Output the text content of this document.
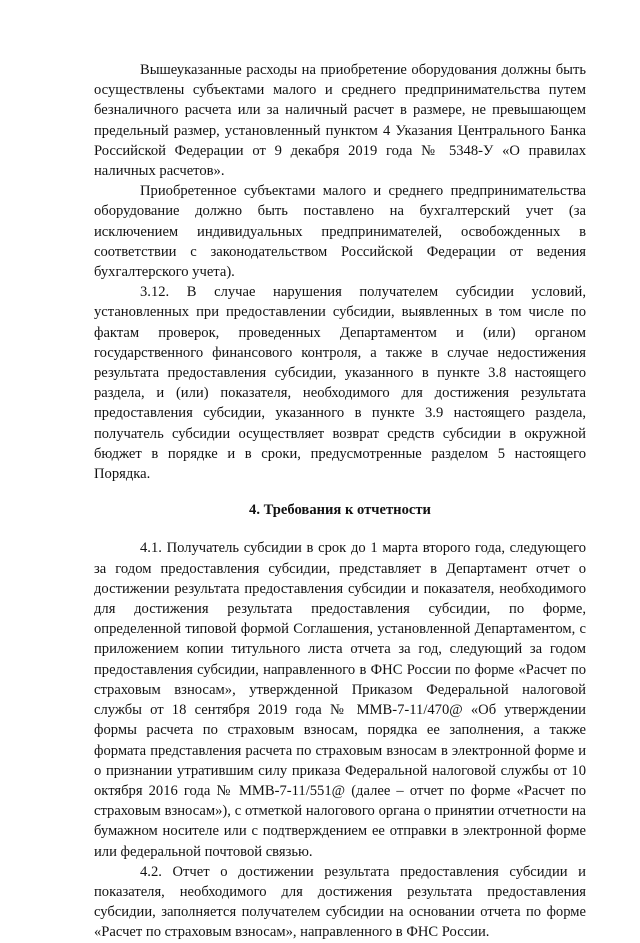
Вышеуказанные расходы на приобретение оборудования должны быть осуществлены субъектами малого и среднего предпринимательства путем безналичного расчета или за наличный расчет в размере, не превышающем предельный размер, установленный пунктом 4 Указания Центрального Банка Российской Федерации от 9 декабря 2019 года № 5348-У «О правилах наличных расчетов».

Приобретенное субъектами малого и среднего предпринимательства оборудование должно быть поставлено на бухгалтерский учет (за исключением индивидуальных предпринимателей, освобожденных в соответствии с законодательством Российской Федерации от ведения бухгалтерского учета).

3.12. В случае нарушения получателем субсидии условий, установленных при предоставлении субсидии, выявленных в том числе по фактам проверок, проведенных Департаментом и (или) органом государственного финансового контроля, а также в случае недостижения результата предоставления субсидии, указанного в пункте 3.8 настоящего раздела, и (или) показателя, необходимого для достижения результата предоставления субсидии, указанного в пункте 3.9 настоящего раздела, получатель субсидии осуществляет возврат средств субсидии в окружной бюджет в порядке и в сроки, предусмотренные разделом 5 настоящего Порядка.

4. Требования к отчетности

4.1. Получатель субсидии в срок до 1 марта второго года, следующего за годом предоставления субсидии, представляет в Департамент отчет о достижении результата предоставления субсидии и показателя, необходимого для достижения результата предоставления субсидии, по форме, определенной типовой формой Соглашения, установленной Департаментом, с приложением копии титульного листа отчета за год, следующий за годом предоставления субсидии, направленного в ФНС России по форме «Расчет по страховым взносам», утвержденной Приказом Федеральной налоговой службы от 18 сентября 2019 года № ММВ-7-11/470@ «Об утверждении формы расчета по страховым взносам, порядка ее заполнения, а также формата представления расчета по страховым взносам в электронной форме и о признании утратившим силу приказа Федеральной налоговой службы от 10 октября 2016 года № ММВ-7-11/551@ (далее – отчет по форме «Расчет по страховым взносам»), с отметкой налогового органа о принятии отчетности на бумажном носителе или с подтверждением ее отправки в электронной форме или федеральной почтовой связью.

4.2. Отчет о достижении результата предоставления субсидии и показателя, необходимого для достижения результата предоставления субсидии, заполняется получателем субсидии на основании отчета по форме «Расчет по страховым взносам», направленного в ФНС России.
